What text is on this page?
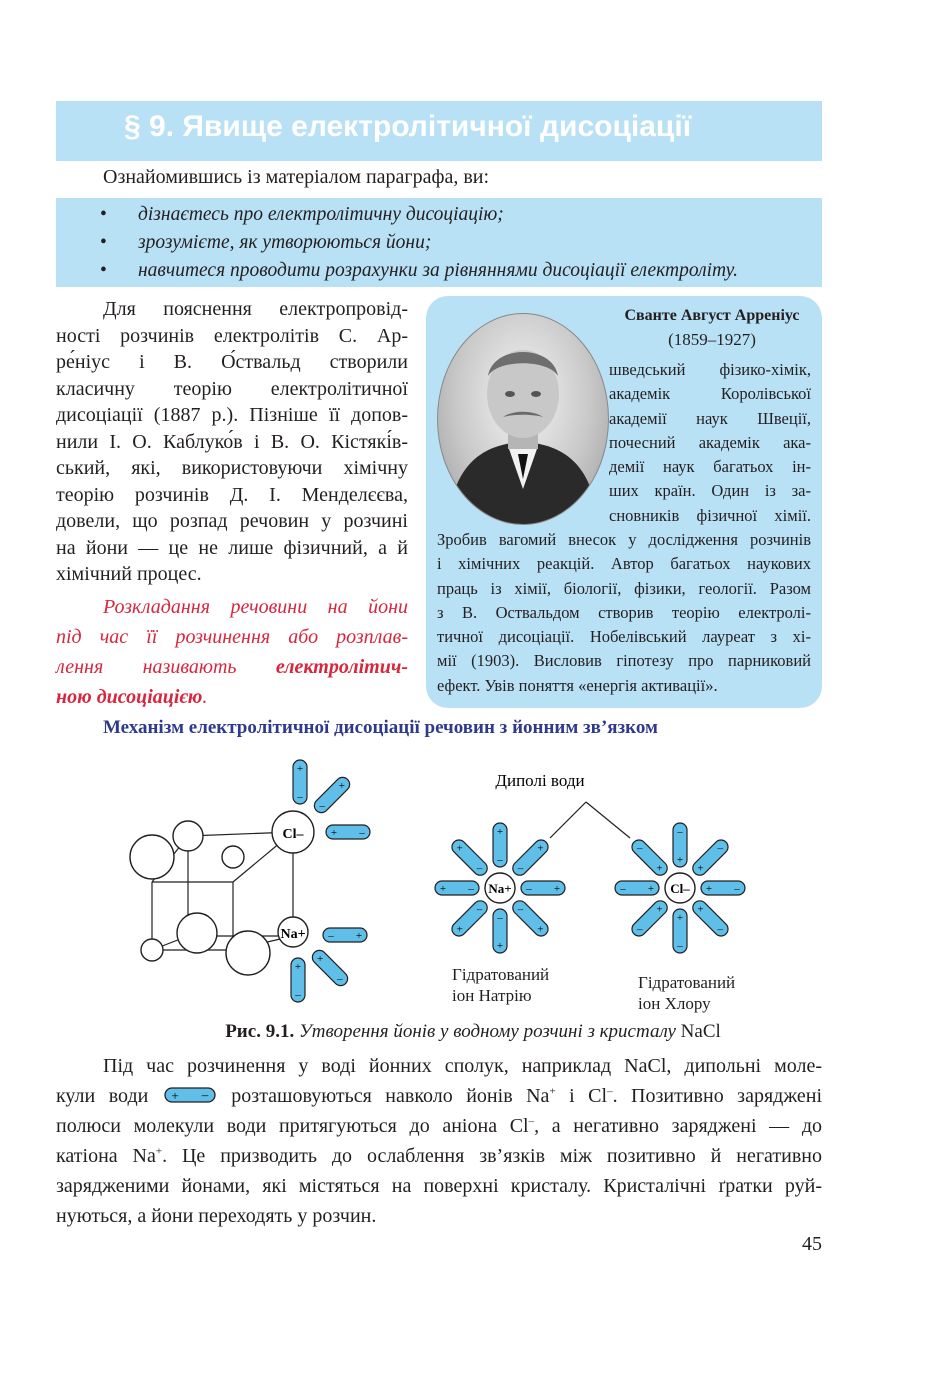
§ 9. Явище електролітичної дисоціації
Ознайомившись із матеріалом параграфа, ви:
• дізнаєтесь про електролітичну дисоціацію;
• зрозумієте, як утворюються йони;
• навчитеся проводити розрахунки за рівняннями дисоціації електроліту.
Для пояснення електропровід-
ності розчинів електролітів С. Ар-
ре́ніус і В. О́ствальд створили
класичну теорію електролітичної
дисоціації (1887 р.). Пізніше її допов-
нили І. О. Каблуко́в і В. О. Кістякі́в-
ський, які, використовуючи хімічну
теорію розчинів Д. І. Менделєєва,
довели, що розпад речовин у розчині
на йони — це не лише фізичний, а й
хімічний процес.
Розкладання речовини на йони
під час її розчинення або розплав-
лення називають електролітич-
ною дисоціацією.
Сванте Август Арреніус
(1859–1927)
шведський фізико-хімік,
академік Королівської
академії наук Швеції,
почесний академік ака-
демії наук багатьох ін-
ших країн. Один із за-
сновників фізичної хімії.
Зробив вагомий внесок у дослідження розчинів
і хімічних реакцій. Автор багатьох наукових
праць із хімії, біології, фізики, геології. Разом
з В. Оствальдом створив теорію електролі-
тичної дисоціації. Нобелівський лауреат з хі-
мії (1903). Висловив гіпотезу про парниковий
ефект. Увів поняття «енергія активації».
Механізм електролітичної дисоціації речовин з йонним зв’язком
Cl–
Na+
+
–
+
–
+ –
– +
–
+
–
+
– +
–
+
–
+
–
+
–
+
–
+
–
+
–
+
Na+	+ –
+
–
+
–
+
–
+
–
+
–
+
–
+
–
Cl–
Диполі води
Гідратований
іон Натрію
Гідратований
іон Хлору
Рис. 9.1. Утворення йонів у водному розчині з кристалу NaCl
Під час розчинення у воді йонних сполук, наприклад NaCl, дипольні моле-
кули води + – розташовуються навколо йонів Na+ і Cl–. Позитивно заряджені
полюси молекули води притягуються до аніона Cl–, а негативно заряджені — до
катіона Na+. Це призводить до ослаблення зв’язків між позитивно й негативно
зарядженими йонами, які містяться на поверхні кристалу. Кристалічні ґратки руй-
нуються, а йони переходять у розчин.
45
